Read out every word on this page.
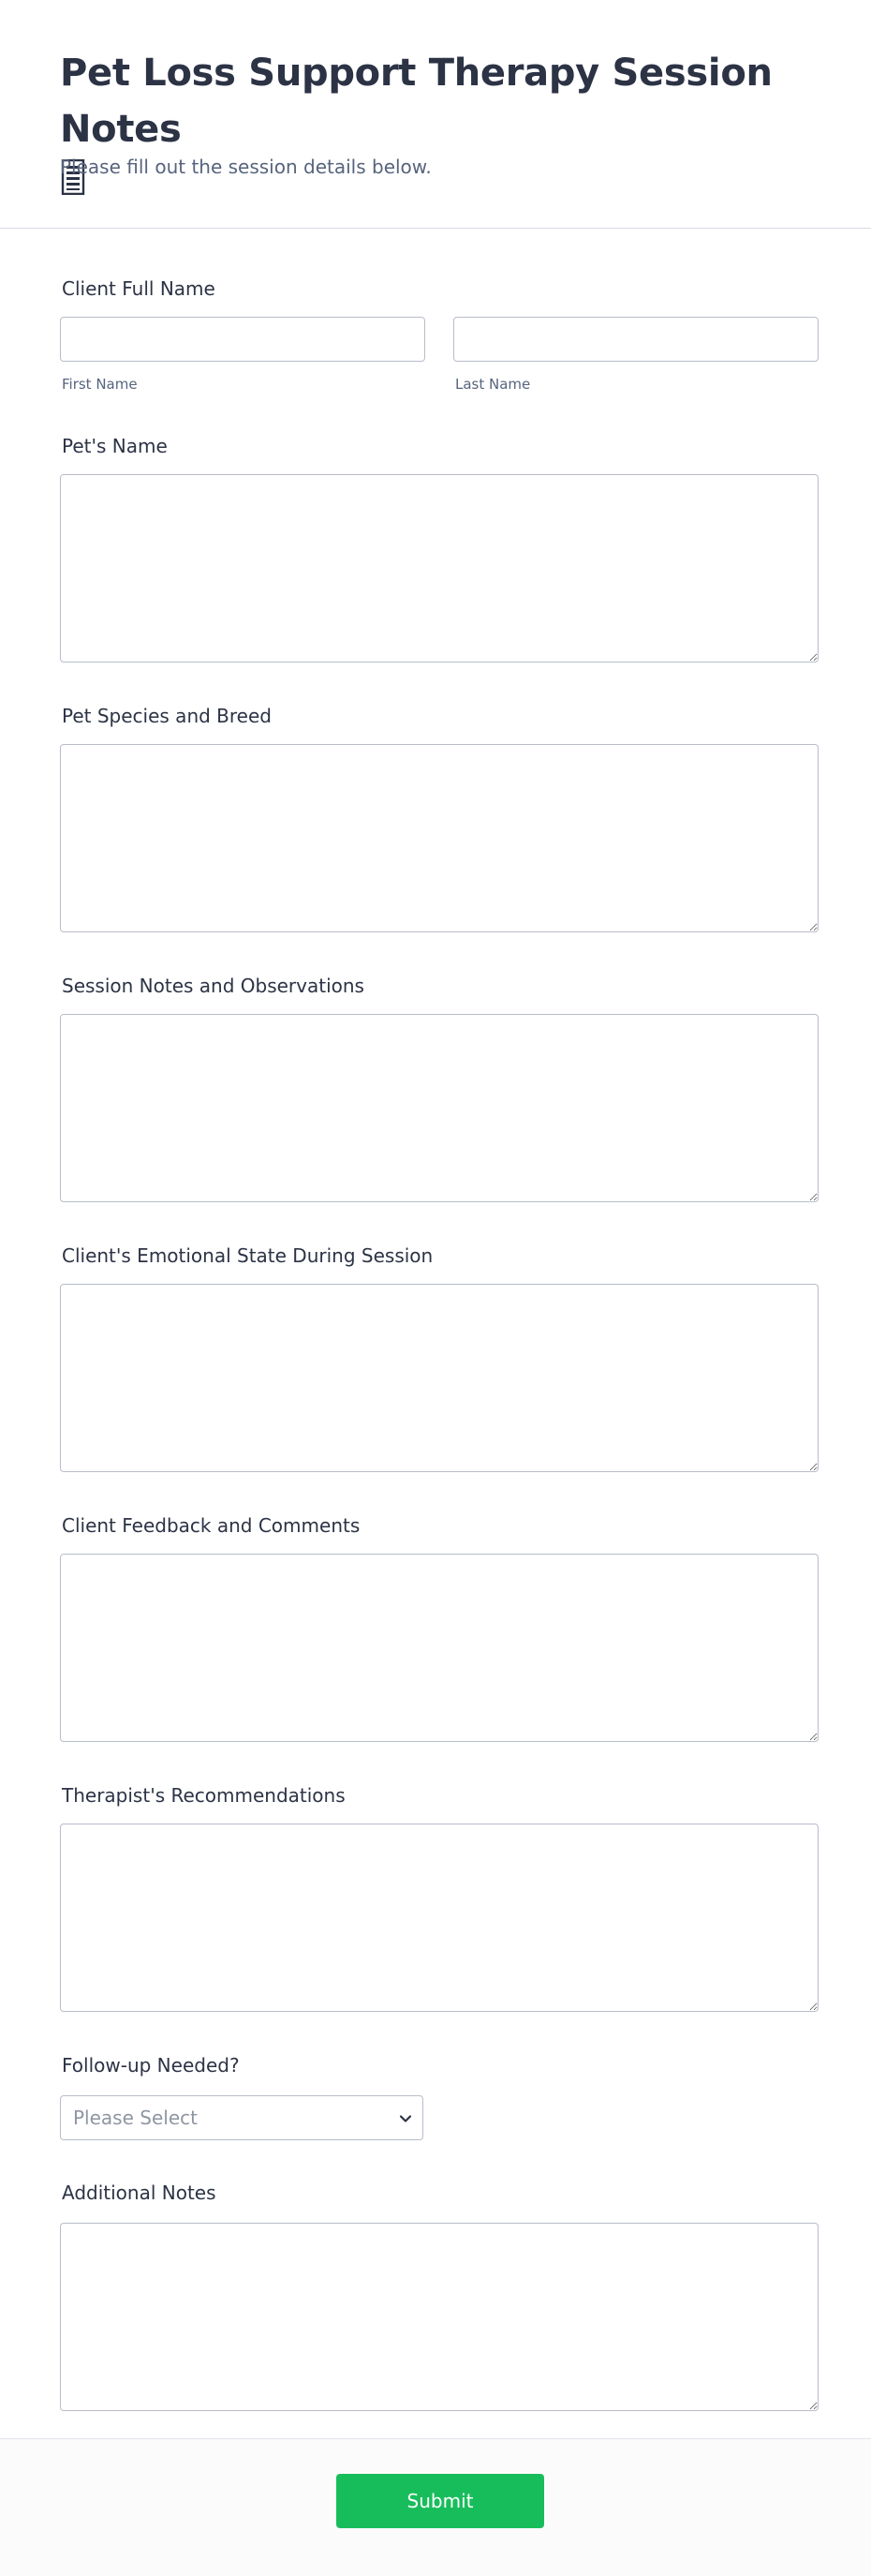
Pet Loss Support Therapy Session Notes

Please fill out the session details below.

Client Full Name

First Name	Last Name

Pet's Name

Pet Species and Breed

Session Notes and Observations

Client's Emotional State During Session

Client Feedback and Comments

Therapist's Recommendations

Follow-up Needed?

Please Select

Additional Notes

Submit
